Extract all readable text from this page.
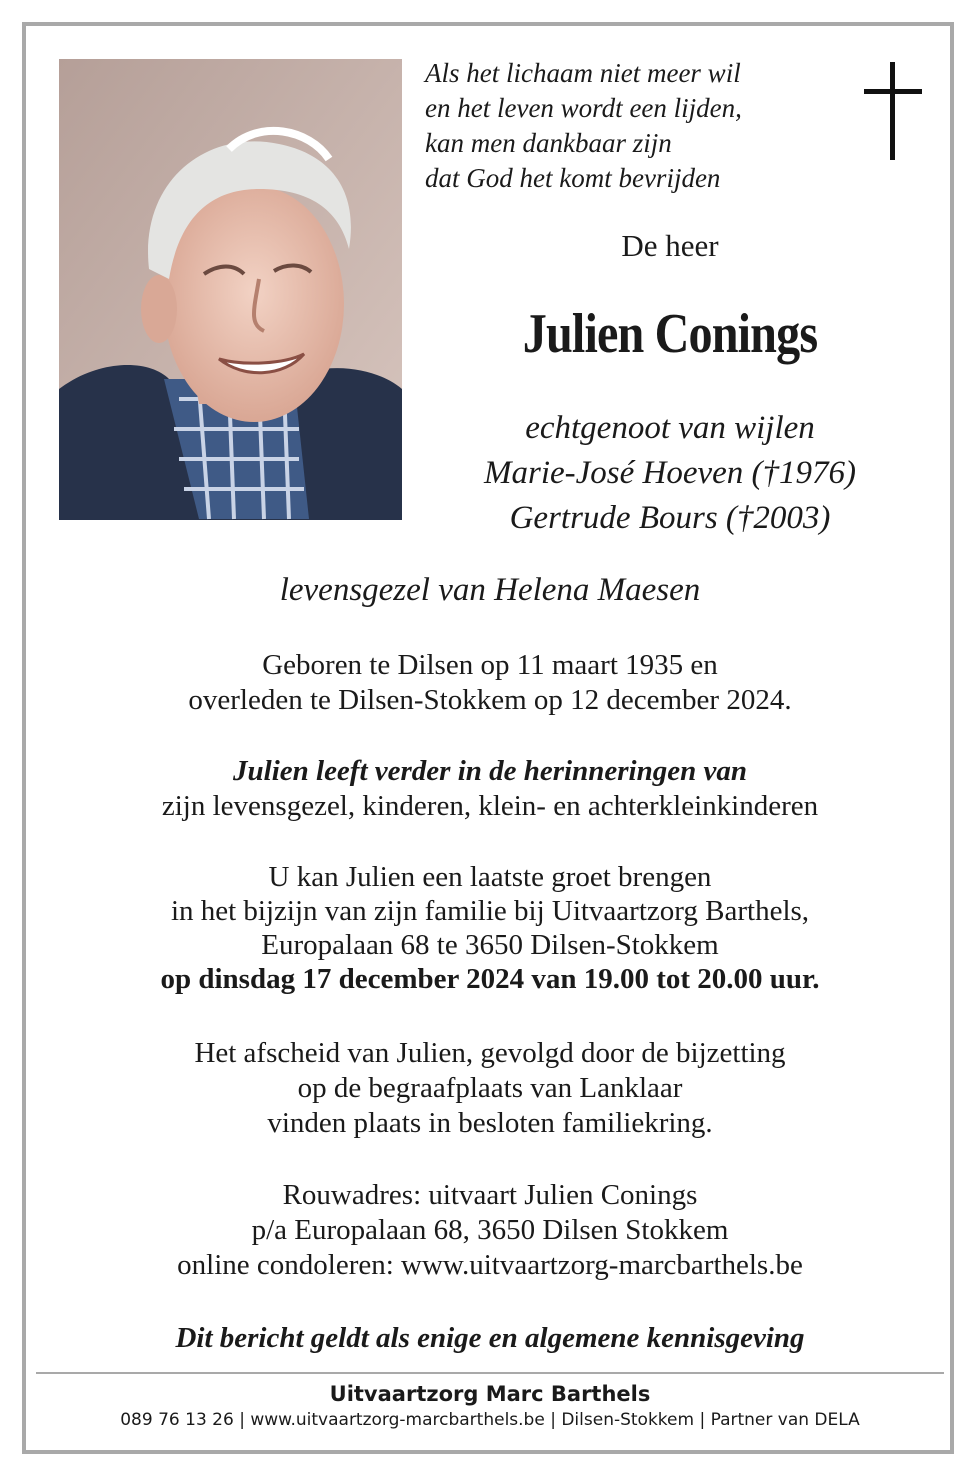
Als het lichaam niet meer wil

en het leven wordt een lijden,

kan men dankbaar zijn

dat God het komt bevrijden

De heer

Julien Conings

echtgenoot van wijlen

Marie-José Hoeven (†1976)

Gertrude Bours (†2003)

levensgezel van Helena Maesen

Geboren te Dilsen op 11 maart 1935 en

overleden te Dilsen-Stokkem op 12 december 2024.

Julien leeft verder in de herinneringen van

zijn levensgezel, kinderen, klein- en achterkleinkinderen

U kan Julien een laatste groet brengen

in het bijzijn van zijn familie bij Uitvaartzorg Barthels,

Europalaan 68 te 3650 Dilsen-Stokkem

op dinsdag 17 december 2024 van 19.00 tot 20.00 uur.

Het afscheid van Julien, gevolgd door de bijzetting

op de begraafplaats van Lanklaar

vinden plaats in besloten familiekring.

Rouwadres: uitvaart Julien Conings

p/a Europalaan 68, 3650 Dilsen Stokkem

online condoleren: www.uitvaartzorg-marcbarthels.be

Dit bericht geldt als enige en algemene kennisgeving

Uitvaartzorg Marc Barthels
089 76 13 26 | www.uitvaartzorg-marcbarthels.be | Dilsen-Stokkem | Partner van DELA
